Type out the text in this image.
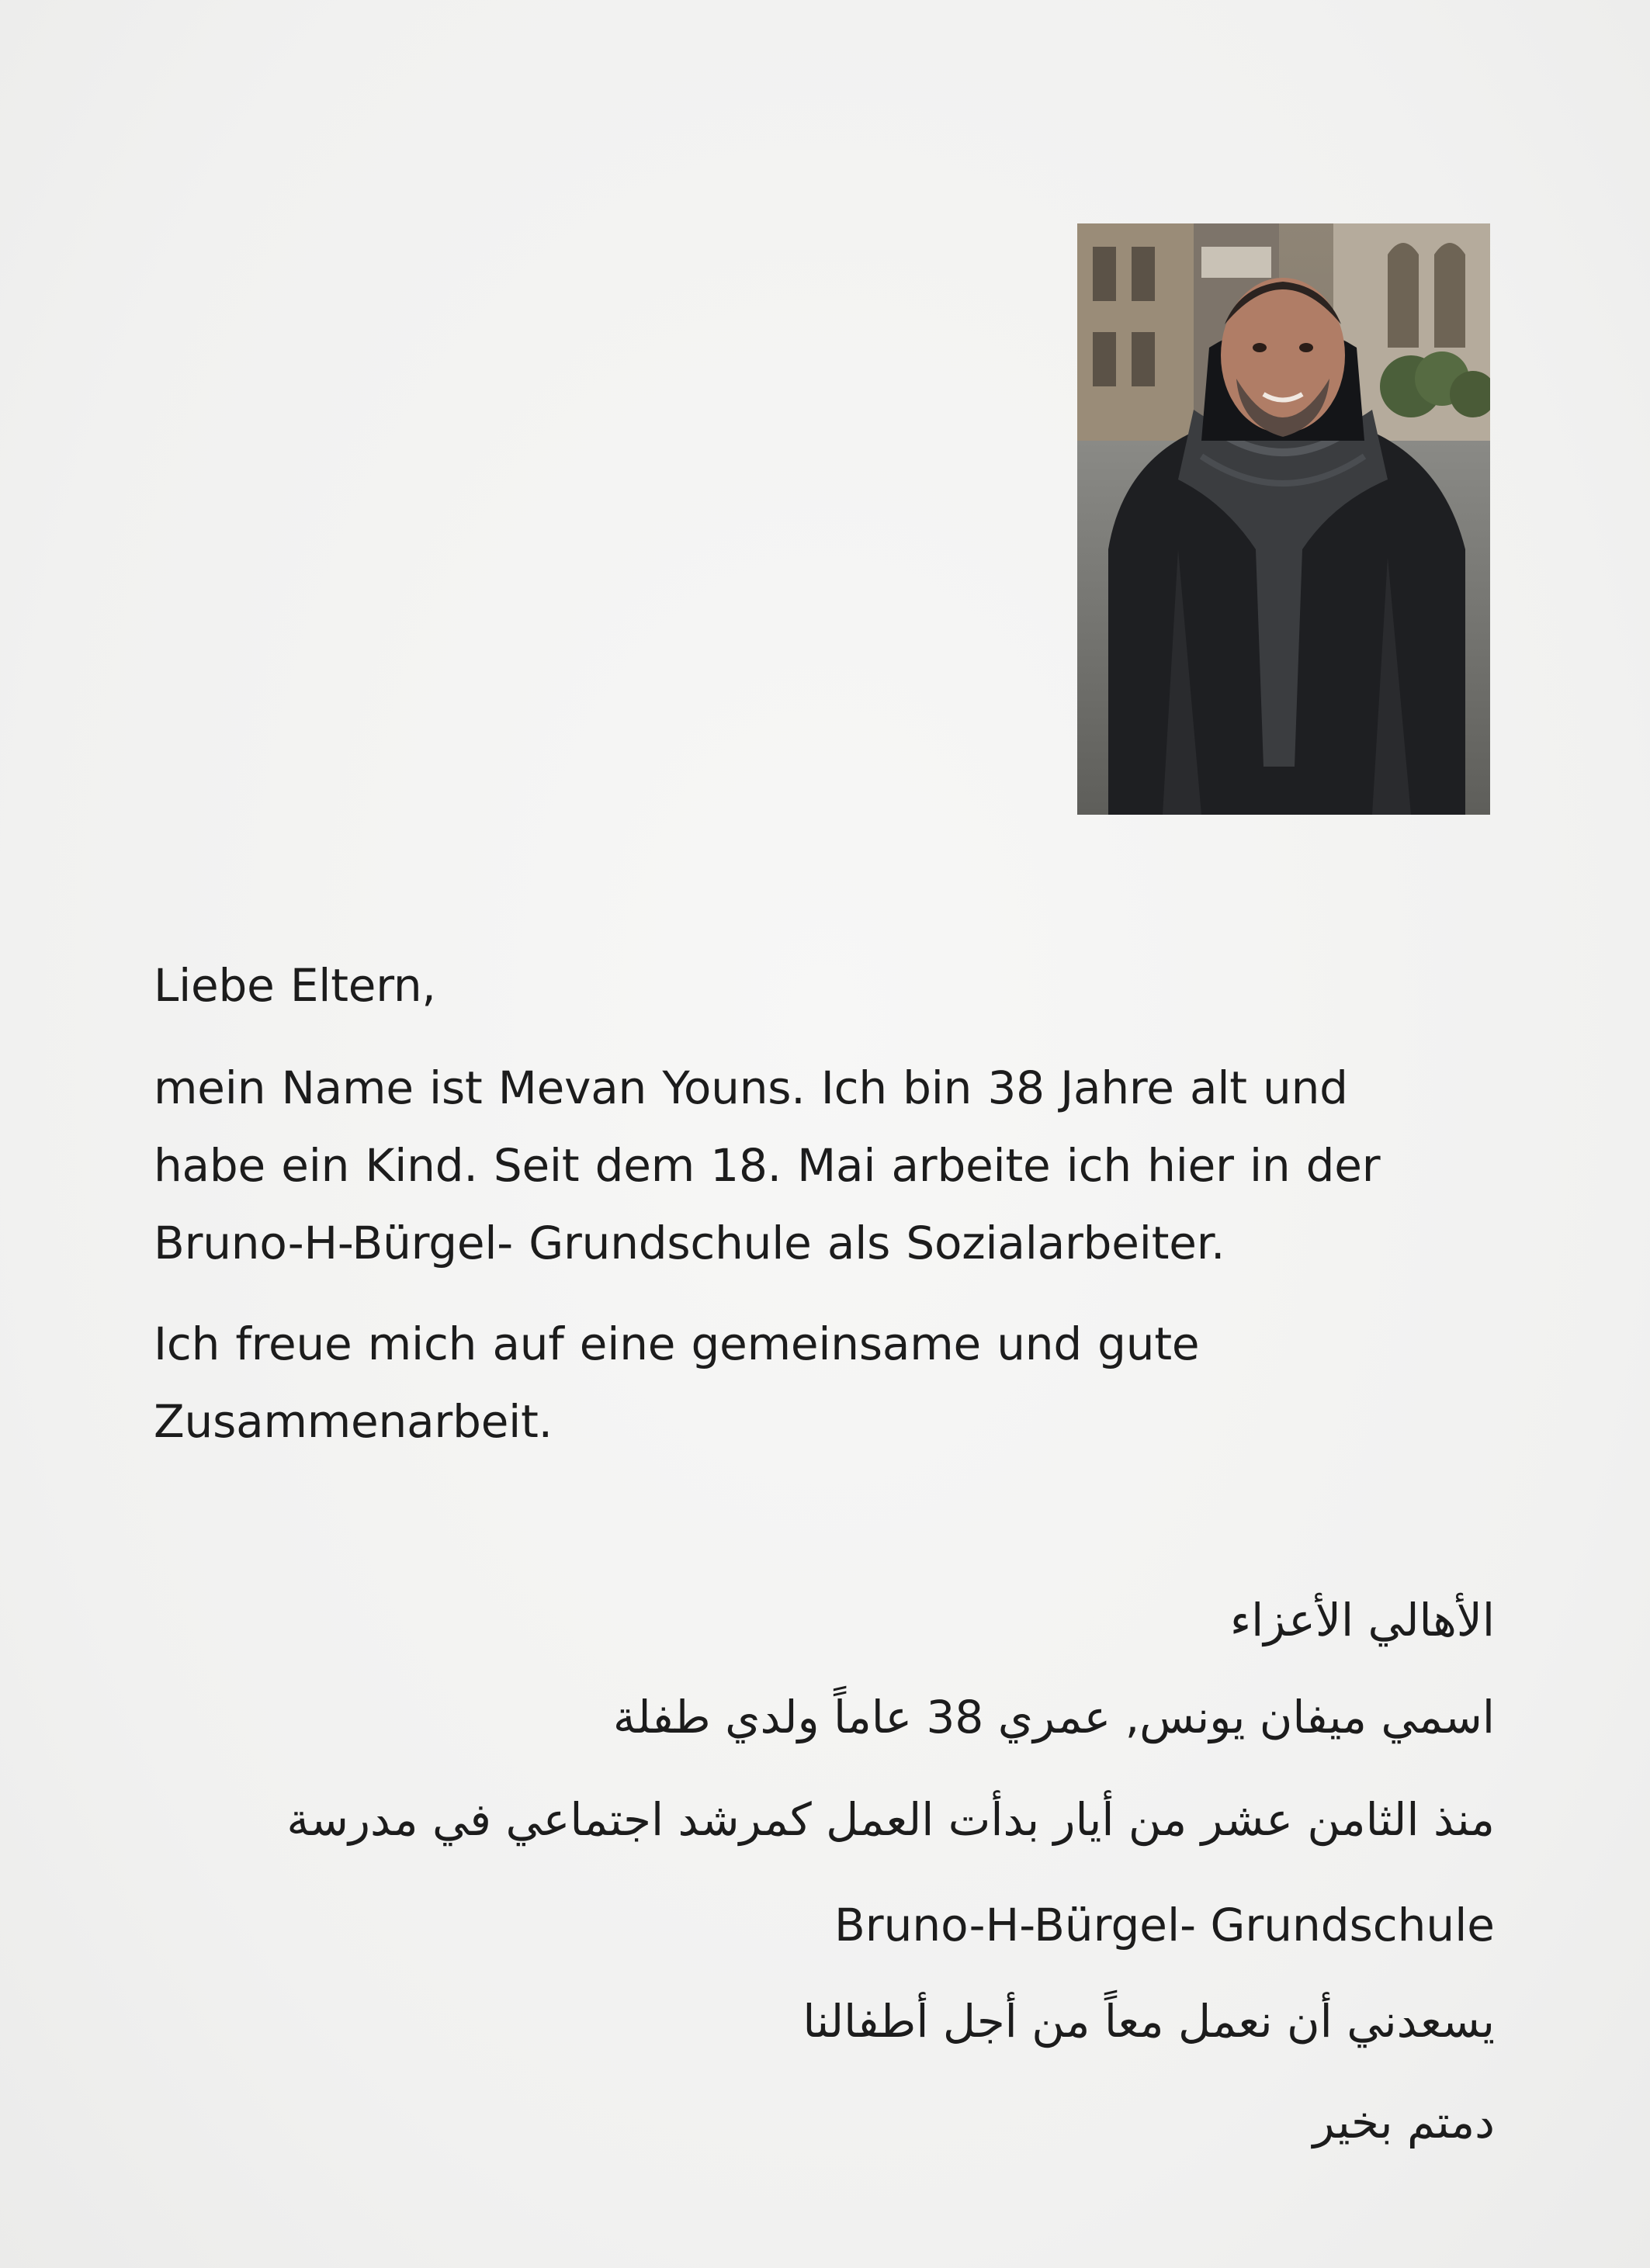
Liebe Eltern,
mein Name ist Mevan Youns. Ich bin 38 Jahre alt und
habe ein Kind. Seit dem 18. Mai arbeite ich hier in der
Bruno-H-Bürgel- Grundschule als Sozialarbeiter.
Ich freue mich auf eine gemeinsame und gute
Zusammenarbeit.
الأهالي الأعزاء
اسمي ميفان يونس, عمري 38 عاماً ولدي طفلة
منذ الثامن عشر من أيار بدأت العمل كمرشد اجتماعي في مدرسة
Bruno-H-Bürgel- Grundschule
يسعدني أن نعمل معاً من أجل أطفالنا
دمتم بخير
